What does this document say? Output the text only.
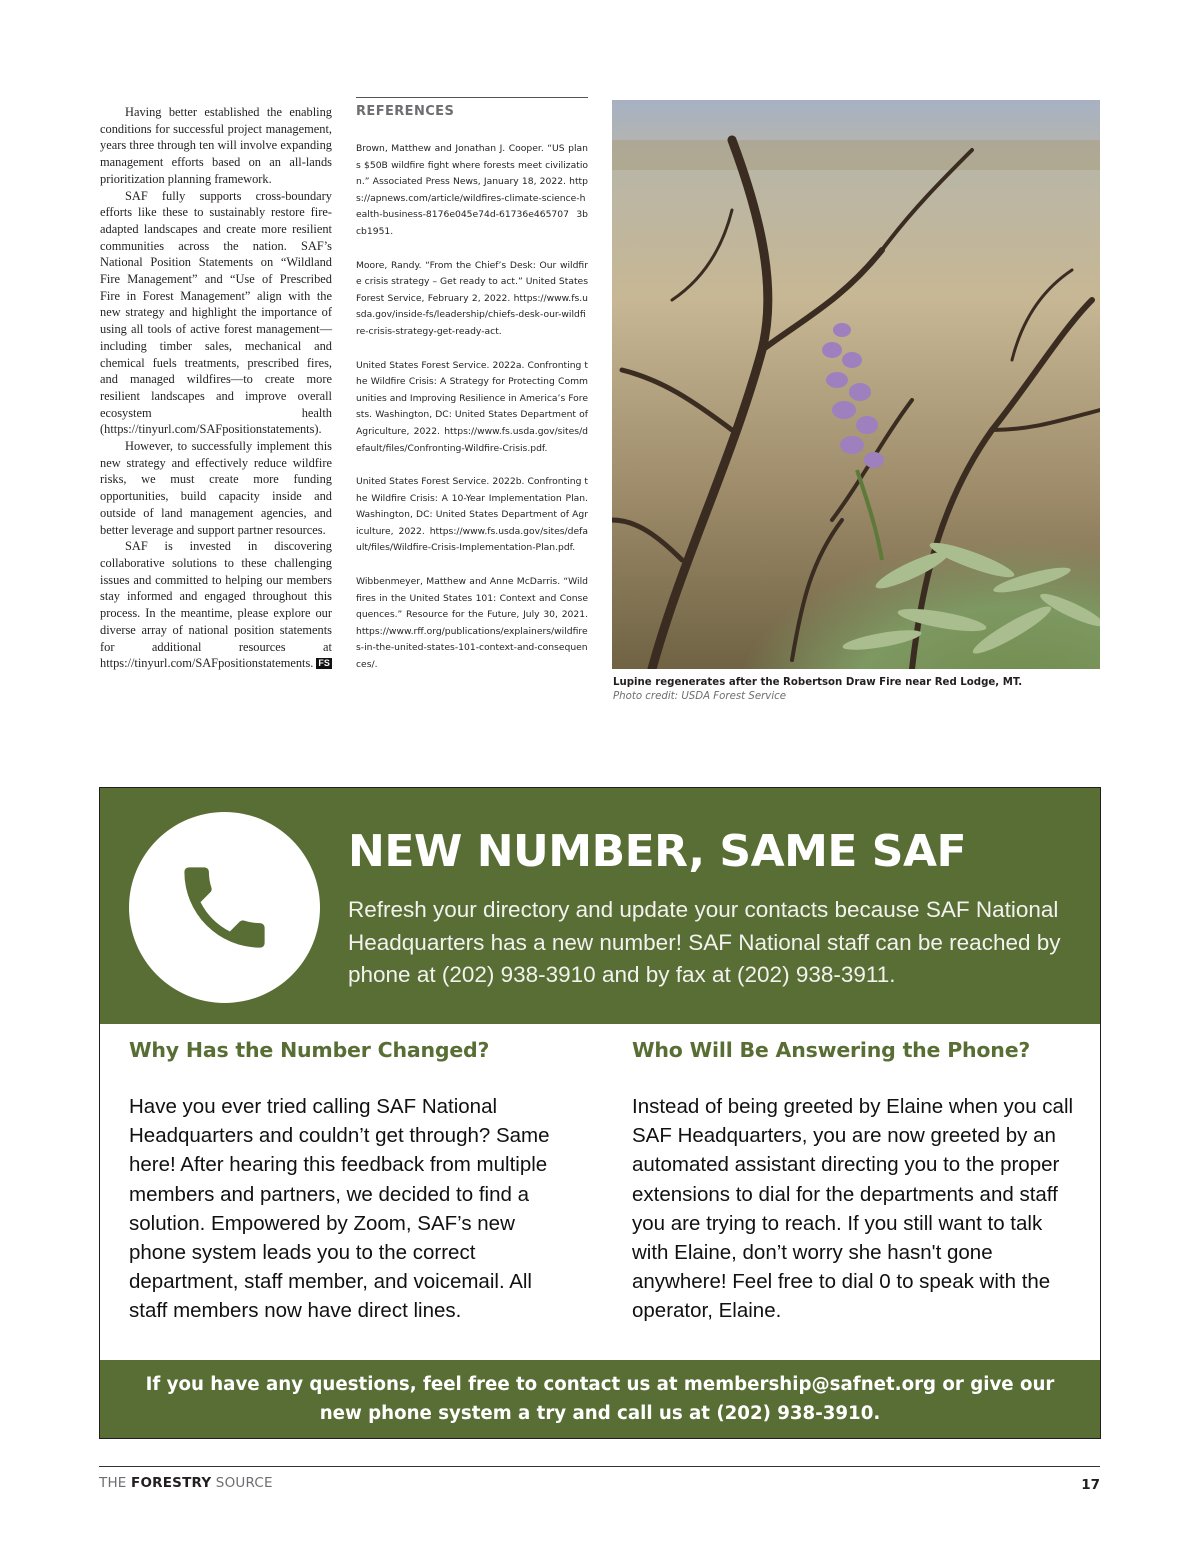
Having better established the enabling conditions for successful project management, years three through ten will involve expanding management efforts based on an all-lands prioritization planning framework.

SAF fully supports cross-boundary efforts like these to sustainably restore fire-adapted landscapes and create more resilient communities across the nation. SAF’s National Position Statements on “Wildland Fire Management” and “Use of Prescribed Fire in Forest Management” align with the new strategy and highlight the importance of using all tools of active forest management—including timber sales, mechanical and chemical fuels treatments, prescribed fires, and managed wildfires—to create more resilient landscapes and improve overall ecosystem health (https://tinyurl.com/SAFpositionstatements).

However, to successfully implement this new strategy and effectively reduce wildfire risks, we must create more funding opportunities, build capacity inside and outside of land management agencies, and better leverage and support partner resources.

SAF is invested in discovering collaborative solutions to these challenging issues and committed to helping our members stay informed and engaged throughout this process. In the meantime, please explore our diverse array of national position statements for additional resources at https://tinyurl.com/SAFpositionstatements. FS

REFERENCES

Brown, Matthew and Jonathan J. Cooper. “US plans $50B wildfire fight where forests meet civilization.” Associated Press News, January 18, 2022. https://apnews.com/article/wildfires-climate-science-health-business-8176e045e74d-61736e465707 3bcb1951.

Moore, Randy. “From the Chief’s Desk: Our wildfire crisis strategy – Get ready to act.” United States Forest Service, February 2, 2022. https://www.fs.usda.gov/inside-fs/leadership/chiefs-desk-our-wildfire-crisis-strategy-get-ready-act.

United States Forest Service. 2022a. Confronting the Wildfire Crisis: A Strategy for Protecting Communities and Improving Resilience in America’s Forests. Washington, DC: United States Department of Agriculture, 2022. https://www.fs.usda.gov/sites/default/files/Confronting-Wildfire-Crisis.pdf.

United States Forest Service. 2022b. Confronting the Wildfire Crisis: A 10-Year Implementation Plan. Washington, DC: United States Department of Agriculture, 2022. https://www.fs.usda.gov/sites/default/files/Wildfire-Crisis-Implementation-Plan.pdf.

Wibbenmeyer, Matthew and Anne McDarris. “Wildfires in the United States 101: Context and Consequences.” Resource for the Future, July 30, 2021. https://www.rff.org/publications/explainers/wildfires-in-the-united-states-101-context-and-consequences/.

Lupine regenerates after the Robertson Draw Fire near Red Lodge, MT.
Photo credit: USDA Forest Service
NEW NUMBER, SAME SAF

Refresh your directory and update your contacts because SAF National Headquarters has a new number! SAF National staff can be reached by phone at (202) 938-3910 and by fax at (202) 938-3911.

Why Has the Number Changed?

Have you ever tried calling SAF National Headquarters and couldn’t get through? Same here! After hearing this feedback from multiple members and partners, we decided to find a solution. Empowered by Zoom, SAF’s new phone system leads you to the correct department, staff member, and voicemail. All staff members now have direct lines.

Who Will Be Answering the Phone?

Instead of being greeted by Elaine when you call SAF Headquarters, you are now greeted by an automated assistant directing you to the proper extensions to dial for the departments and staff you are trying to reach. If you still want to talk with Elaine, don’t worry she hasn't gone anywhere! Feel free to dial 0 to speak with the operator, Elaine.

If you have any questions, feel free to contact us at membership@safnet.org or give our new phone system a try and call us at (202) 938-3910.

THE FORESTRY SOURCE	17
